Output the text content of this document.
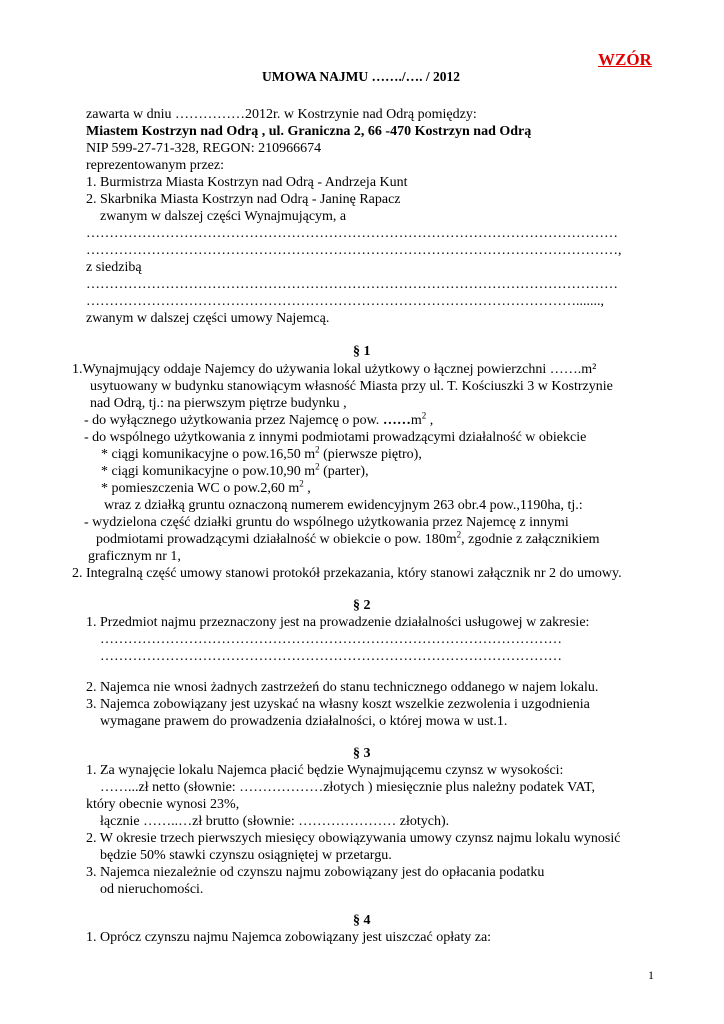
WZÓR
UMOWA NAJMU ……./…. / 2012
zawarta w dniu ……………2012r. w Kostrzynie nad Odrą pomiędzy:
Miastem Kostrzyn nad Odrą , ul. Graniczna 2, 66 -470 Kostrzyn nad Odrą
NIP 599-27-71-328, REGON: 210966674
reprezentowanym przez:
1. Burmistrza Miasta Kostrzyn nad Odrą - Andrzeja Kunt
2. Skarbnika Miasta Kostrzyn nad Odrą - Janinę Rapacz
zwanym w dalszej części Wynajmującym, a
……………………………………………………………………………………………………
……………………………………………………………………………………………………,
z siedzibą
……………………………………………………………………………………………………
…………………………………………………………………………………………….......,
zwanym w dalszej części umowy Najemcą.
§ 1
1.Wynajmujący oddaje Najemcy do używania lokal użytkowy o łącznej powierzchni …….m²
usytuowany w budynku stanowiącym własność Miasta przy ul. T. Kościuszki 3 w Kostrzynie
nad Odrą, tj.: na pierwszym piętrze budynku ,
- do wyłącznego użytkowania przez Najemcę o pow. $\dots\dots m^2$ ,
- do wspólnego użytkowania z innymi podmiotami prowadzącymi działalność w obiekcie
* ciągi komunikacyjne o pow.16,50 $m^2$ (pierwsze piętro),
* ciągi komunikacyjne o pow.10,90 $m^2$ (parter),
* pomieszczenia WC o pow.2,60 $m^2$ ,
wraz z działką gruntu oznaczoną numerem ewidencyjnym 263 obr.4 pow.,1190ha, tj.:
- wydzielona część działki gruntu do wspólnego użytkowania przez Najemcę z innymi
podmiotami prowadzącymi działalność w obiekcie o pow. $180m^2$, zgodnie z załącznikiem
graficznym nr 1,
2. Integralną część umowy stanowi protokół przekazania, który stanowi załącznik nr 2 do umowy.
§ 2
1. Przedmiot najmu przeznaczony jest na prowadzenie działalności usługowej w zakresie:
………………………………………………………………………………………
………………………………………………………………………………………
2. Najemca nie wnosi żadnych zastrzeżeń do stanu technicznego oddanego w najem lokalu.
3. Najemca zobowiązany jest uzyskać na własny koszt wszelkie zezwolenia i uzgodnienia
wymagane prawem do prowadzenia działalności, o której mowa w ust.1.
§ 3
1. Za wynajęcie lokalu Najemca płacić będzie Wynajmującemu czynsz w wysokości:
……...zł netto (słownie: ………………złotych ) miesięcznie plus należny podatek VAT,
który obecnie wynosi 23%,
łącznie ……..…zł brutto (słownie: ………………… złotych).
2. W okresie trzech pierwszych miesięcy obowiązywania umowy czynsz najmu lokalu wynosić
będzie 50% stawki czynszu osiągniętej w przetargu.
3. Najemca niezależnie od czynszu najmu zobowiązany jest do opłacania podatku
od nieruchomości.
§ 4
1. Oprócz czynszu najmu Najemca zobowiązany jest uiszczać opłaty za:
1
